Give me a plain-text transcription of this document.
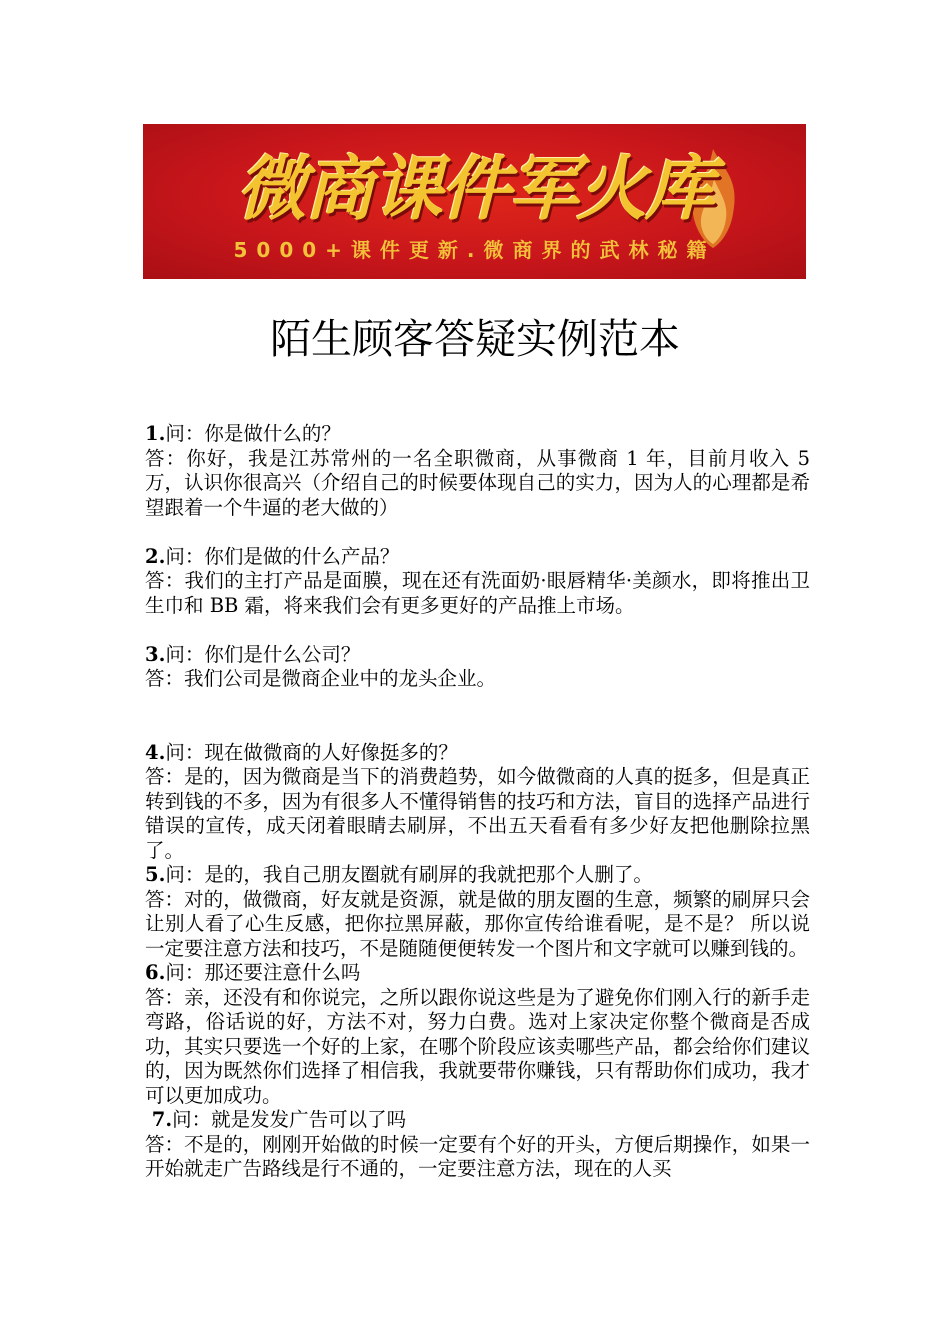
微商课件军火库
5000+课件更新.微商界的武林秘籍
陌生顾客答疑实例范本

1.问：你是做什么的？

答：你好，我是江苏常州的一名全职微商，从事微商 1 年，目前月收入 5 万，认识你很高兴（介绍自己的时候要体现自己的实力，因为人的心理都是希望跟着一个牛逼的老大做的）

2.问：你们是做的什么产品？

答：我们的主打产品是面膜，现在还有洗面奶·眼唇精华·美颜水，即将推出卫生巾和 BB 霜，将来我们会有更多更好的产品推上市场。

3.问：你们是什么公司？

答：我们公司是微商企业中的龙头企业。

4.问：现在做微商的人好像挺多的？

答：是的，因为微商是当下的消费趋势，如今做微商的人真的挺多，但是真正转到钱的不多，因为有很多人不懂得销售的技巧和方法，盲目的选择产品进行错误的宣传，成天闭着眼睛去刷屏，不出五天看看有多少好友把他删除拉黑了。

5.问：是的，我自己朋友圈就有刷屏的我就把那个人删了。

答：对的，做微商，好友就是资源，就是做的朋友圈的生意，频繁的刷屏只会让别人看了心生反感，把你拉黑屏蔽，那你宣传给谁看呢，是不是？ 所以说一定要注意方法和技巧，不是随随便便转发一个图片和文字就可以赚到钱的。

6.问：那还要注意什么吗

答：亲，还没有和你说完，之所以跟你说这些是为了避免你们刚入行的新手走弯路，俗话说的好，方法不对，努力白费。选对上家决定你整个微商是否成功，其实只要选一个好的上家，在哪个阶段应该卖哪些产品，都会给你们建议的，因为既然你们选择了相信我，我就要带你赚钱，只有帮助你们成功，我才可以更加成功。

7.问：就是发发广告可以了吗

答：不是的，刚刚开始做的时候一定要有个好的开头，方便后期操作，如果一开始就走广告路线是行不通的，一定要注意方法，现在的人买
